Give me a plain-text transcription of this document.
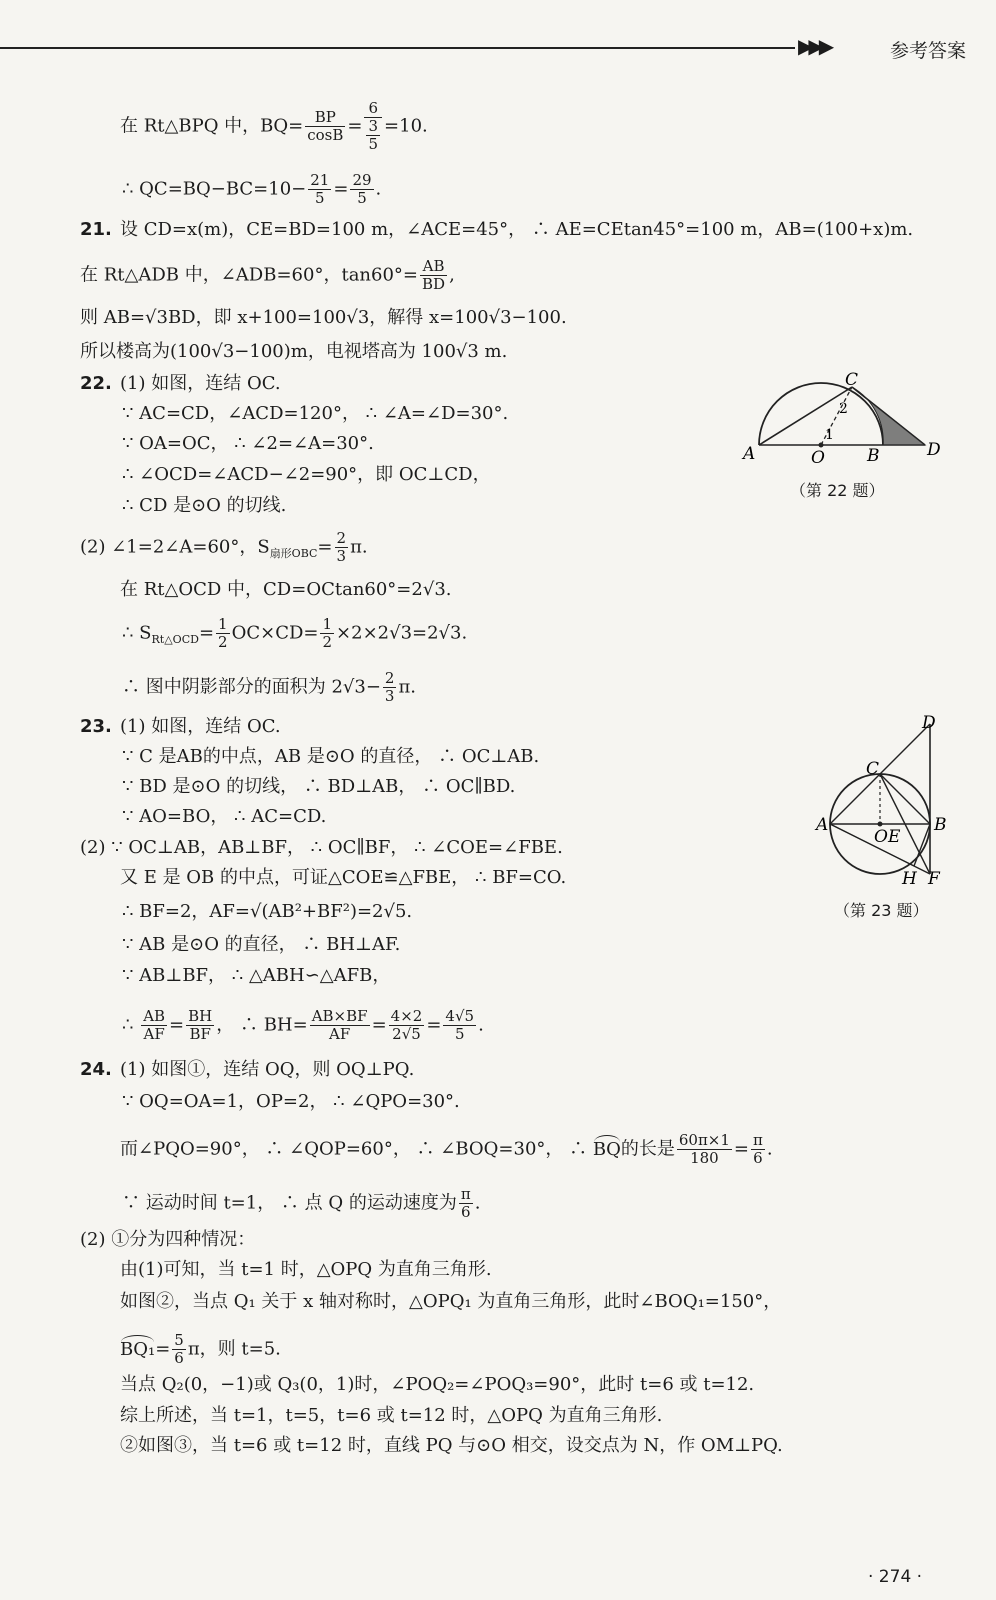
▶▶▶	参考答案
在 Rt△BPQ 中，$BQ= \frac{BP}{\cos B} = \frac{6}{\frac{3}{5}} =10$.
∴ $QC=BQ-BC=10- \frac{21}{5} = \frac{29}{5}$ .
21. 设 CD=x(m)，CE=BD=100 m，∠ACE=45°， ∴ AE=CEtan45°=100 m，AB=(100+x)m.
在 Rt△ADB 中，∠ADB=60°，$\tan 60^\circ= \frac{AB}{BD}$ ,
则 AB=√3BD，即 x+100=100√3，解得 x=100√3−100.
所以楼高为(100√3−100)m，电视塔高为 100√3 m.
22. (1) 如图，连结 OC.
∵ AC=CD，∠ACD=120°， ∴ ∠A=∠D=30°.
∵ OA=OC， ∴ ∠2=∠A=30°.
∴ ∠OCD=∠ACD−∠2=90°，即 OC⊥CD，
∴ CD 是⊙O 的切线.
(2) ∠1=2∠A=60°，$S_{扇形OBC}= \frac{2}{3} \pi$.
在 Rt△OCD 中，CD=OCtan60°=2√3.
∴ $S_{Rt\triangle OCD}= \frac{1}{2} OC\times CD= \frac{1}{2} \times 2\times 2√3=2√3$.
∴ 图中阴影部分的面积为 $2√3- \frac{2}{3} \pi$.
A	O B	D
C
1
2
（第 22 题）
23. (1) 如图，连结 OC.
∵ C 是AB的中点，AB 是⊙O 的直径， ∴ OC⊥AB.
∵ BD 是⊙O 的切线， ∴ BD⊥AB， ∴ OC∥BD.
∵ AO=BO， ∴ AC=CD.
(2) ∵ OC⊥AB，AB⊥BF， ∴ OC∥BF， ∴ ∠COE=∠FBE.
又 E 是 OB 的中点，可证△COE≌△FBE， ∴ BF=CO.
∴ BF=2，AF=√(AB²+BF²)=2√5.
∵ AB 是⊙O 的直径， ∴ BH⊥AF.
∵ AB⊥BF， ∴ △ABH∽△AFB，
∴ $\frac{AB}{AF} = \frac{BH}{BF}$ ， ∴ $BH= \frac{AB\times BF}{AF} = \frac{4\times 2}{2√5} = \frac{4√5}{5}$ .
D
C
A
O E
B
H F
（第 23 题）
24. (1) 如图①，连结 OQ，则 OQ⊥PQ.
∵ OQ=OA=1，OP=2， ∴ ∠QPO=30°.
而∠PQO=90°， ∴ ∠QOP=60°， ∴ ∠BOQ=30°， ∴ BQ的长是 $\frac{60\pi\times 1}{180} = \frac{\pi}{6}$ .
∵ 运动时间 t=1， ∴ 点 Q 的运动速度为 $\frac{\pi}{6}$ .
(2) ①分为四种情况：
由(1)可知，当 t=1 时，△OPQ 为直角三角形.
如图②，当点 Q₁ 关于 x 轴对称时，△OPQ₁ 为直角三角形，此时∠BOQ₁=150°，
$BQ_1= \frac{5}{6}$ π，则 t=5.
当点 Q₂(0，−1)或 Q₃(0，1)时，∠POQ₂=∠POQ₃=90°，此时 t=6 或 t=12.
综上所述，当 t=1，t=5，t=6 或 t=12 时，△OPQ 为直角三角形.
②如图③，当 t=6 或 t=12 时，直线 PQ 与⊙O 相交，设交点为 N，作 OM⊥PQ.
· 274 ·
